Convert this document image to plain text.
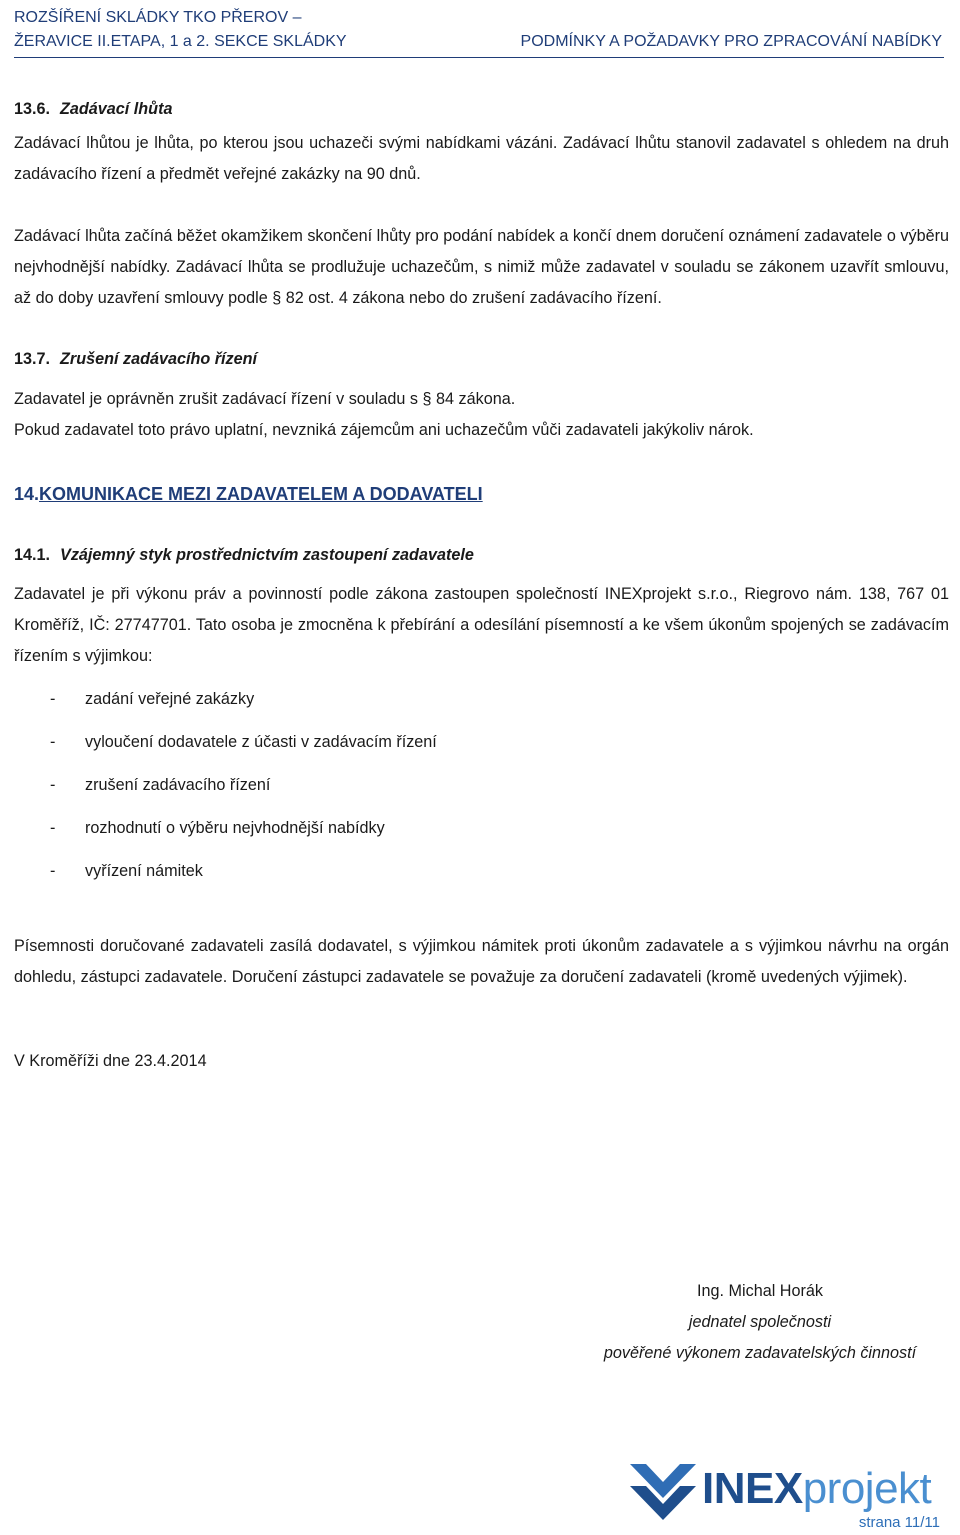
ROZŠÍŘENÍ SKLÁDKY TKO PŘEROV –
ŽERAVICE II.ETAPA, 1 a 2. SEKCE SKLÁDKY	PODMÍNKY A POŽADAVKY PRO ZPRACOVÁNÍ NABÍDKY
13.6. Zadávací lhůta

Zadávací lhůtou je lhůta, po kterou jsou uchazeči svými nabídkami vázáni. Zadávací lhůtu stanovil zadavatel s ohledem na druh zadávacího řízení a předmět veřejné zakázky na 90 dnů.

Zadávací lhůta začíná běžet okamžikem skončení lhůty pro podání nabídek a končí dnem doručení oznámení zadavatele o výběru nejvhodnější nabídky. Zadávací lhůta se prodlužuje uchazečům, s nimiž může zadavatel v souladu se zákonem uzavřít smlouvu, až do doby uzavření smlouvy podle § 82 ost. 4 zákona nebo do zrušení zadávacího řízení.

13.7. Zrušení zadávacího řízení

Zadavatel je oprávněn zrušit zadávací řízení v souladu s § 84 zákona.

Pokud zadavatel toto právo uplatní, nevzniká zájemcům ani uchazečům vůči zadavateli jakýkoliv nárok.

14.KOMUNIKACE MEZI ZADAVATELEM A DODAVATELI
14.1. Vzájemný styk prostřednictvím zastoupení zadavatele

Zadavatel je při výkonu práv a povinností podle zákona zastoupen společností INEXprojekt s.r.o., Riegrovo nám. 138, 767 01 Kroměříž, IČ: 27747701. Tato osoba je zmocněna k přebírání a odesílání písemností a ke všem úkonům spojených se zadávacím řízením s výjimkou:

- zadání veřejné zakázky
- vyloučení dodavatele z účasti v zadávacím řízení
- zrušení zadávacího řízení
- rozhodnutí o výběru nejvhodnější nabídky
- vyřízení námitek

Písemnosti doručované zadavateli zasílá dodavatel, s výjimkou námitek proti úkonům zadavatele a s výjimkou návrhu na orgán dohledu, zástupci zadavatele. Doručení zástupci zadavatele se považuje za doručení zadavateli (kromě uvedených výjimek).

V Kroměříži dne 23.4.2014

Ing. Michal Horák
jednatel společnosti
pověřené výkonem zadavatelských činností
INEXprojekt
strana 11/11
